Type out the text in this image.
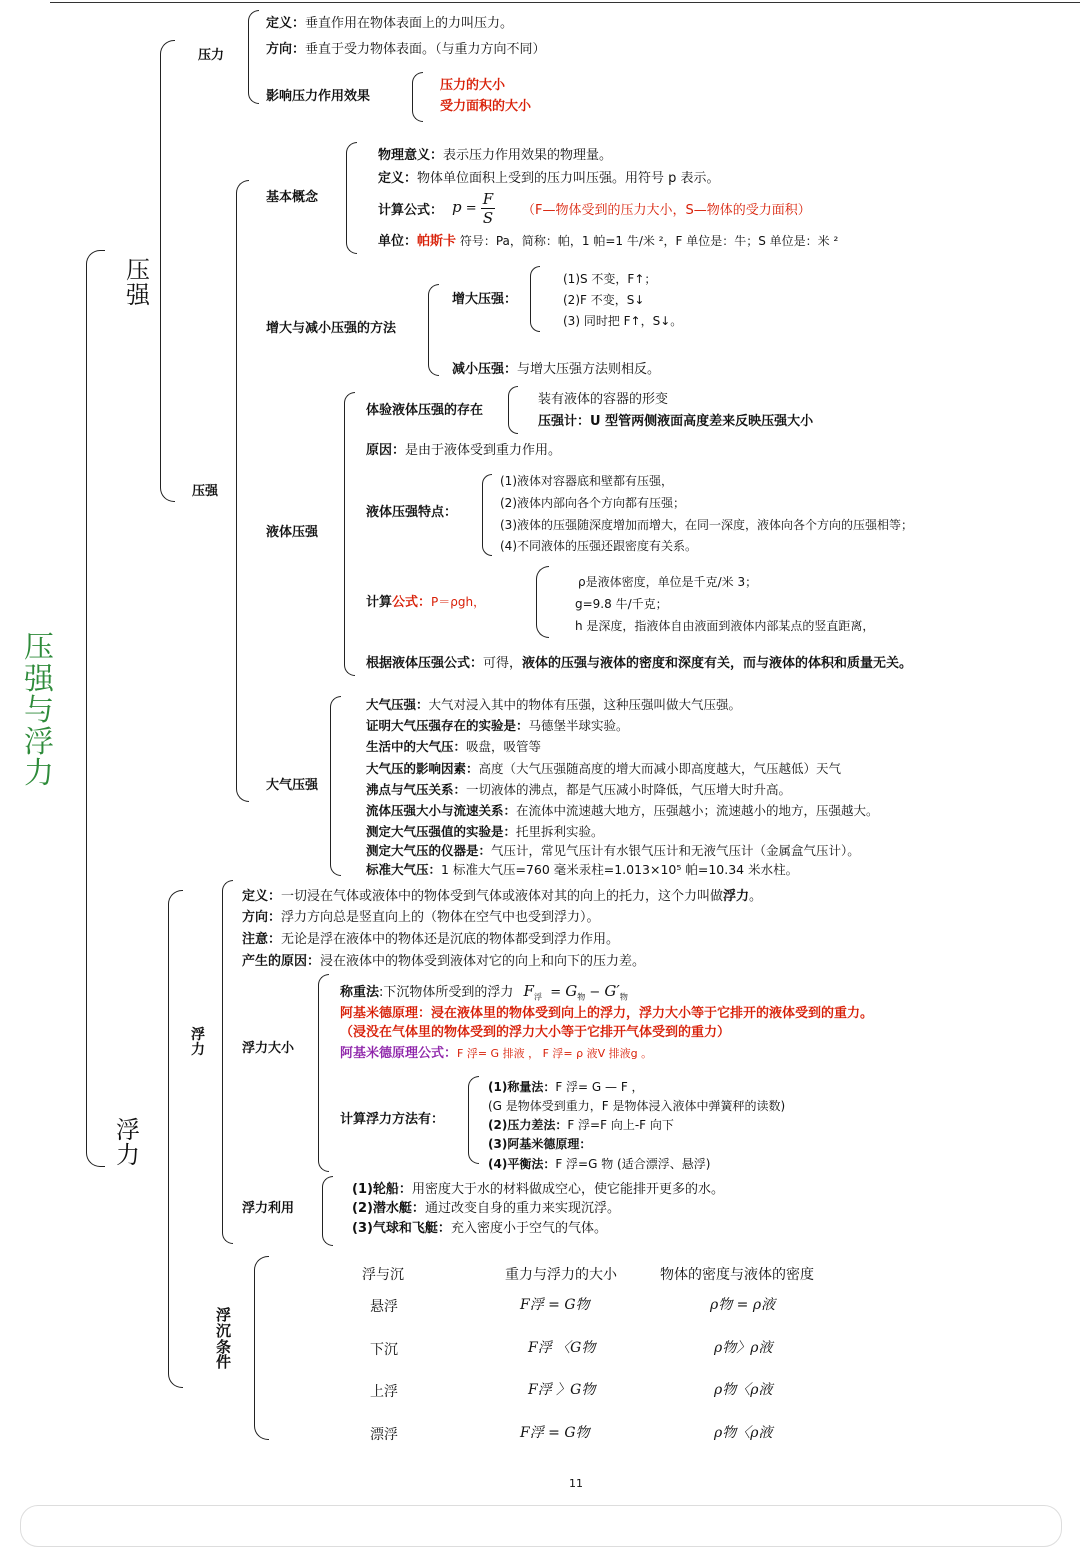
压
强
与
浮
力
压
强
压力
定义：垂直作用在物体表面上的力叫压力。
方向：垂直于受力物体表面。（与重力方向不同）
影响压力作用效果
压力的大小
受力面积的大小
压强
基本概念
物理意义：表示压力作用效果的物理量。
定义：物体单位面积上受到的压力叫压强。用符号 p 表示。
计算公式： $p = \frac{F}{S}$ （F—物体受到的压力大小，S—物体的受力面积）
单位：帕斯卡 符号：Pa，简称：帕，1 帕=1 牛/米 ²，F 单位是：牛；S 单位是：米 ²
增大与减小压强的方法
增大压强：
(1)S 不变，F↑；
(2)F 不变，S↓
(3) 同时把 F↑，S↓。
减小压强：与增大压强方法则相反。
液体压强
体验液体压强的存在
装有液体的容器的形变
压强计：U 型管两侧液面高度差来反映压强大小
原因：是由于液体受到重力作用。
液体压强特点：
(1)液体对容器底和壁都有压强，
(2)液体内部向各个方向都有压强；
(3)液体的压强随深度增加而增大，在同一深度，液体向各个方向的压强相等；
(4)不同液体的压强还跟密度有关系。
计算公式：P＝ρgh，
ρ是液体密度，单位是千克/米 3；
g=9.8 牛/千克；
h 是深度，指液体自由液面到液体内部某点的竖直距离，
根据液体压强公式：可得，液体的压强与液体的密度和深度有关，而与液体的体积和质量无关。
大气压强
大气压强：大气对浸入其中的物体有压强，这种压强叫做大气压强。
证明大气压强存在的实验是：马德堡半球实验。
生活中的大气压：吸盘，吸管等
大气压的影响因素：高度（大气压强随高度的增大而减小即高度越大，气压越低）天气
沸点与气压关系：一切液体的沸点，都是气压减小时降低，气压增大时升高。
流体压强大小与流速关系：在流体中流速越大地方，压强越小；流速越小的地方，压强越大。
测定大气压强值的实验是：托里拆利实验。
测定大气压的仪器是：气压计，常见气压计有水银气压计和无液气压计（金属盒气压计）。
标准大气压：1 标准大气压=760 毫米汞柱=1.013×10⁵ 帕=10.34 米水柱。
浮
力
浮
力
定义：一切浸在气体或液体中的物体受到气体或液体对其的向上的托力，这个力叫做浮力。
方向：浮力方向总是竖直向上的（物体在空气中也受到浮力）。
注意：无论是浮在液体中的物体还是沉底的物体都受到浮力作用。
产生的原因：浸在液体中的物体受到液体对它的向上和向下的压力差。
浮力大小
称重法:下沉物体所受到的浮力 $F_浮 = G_物 - G'_物$
阿基米德原理：浸在液体里的物体受到向上的浮力，浮力大小等于它排开的液体受到的重力。
（浸没在气体里的物体受到的浮力大小等于它排开气体受到的重力）
阿基米德原理公式：F 浮= G 排液 ， F 浮= ρ 液V 排液g 。
计算浮力方法有：
(1)称量法：F 浮= G — F ，
(G 是物体受到重力，F 是物体浸入液体中弹簧秤的读数)
(2)压力差法：F 浮=F 向上-F 向下
(3)阿基米德原理：
(4)平衡法：F 浮=G 物 (适合漂浮、悬浮)
浮力利用
(1)轮船：用密度大于水的材料做成空心，使它能排开更多的水。
(2)潜水艇：通过改变自身的重力来实现沉浮。
(3)气球和飞艇：充入密度小于空气的气体。
浮
沉
条
件
浮与沉	重力与浮力的大小	物体的密度与液体的密度
悬浮	F浮 = G物	ρ物 = ρ液
下沉	F浮 〈G物	ρ物〉ρ液
上浮	F浮 〉G物	ρ物〈ρ液
漂浮	F浮 = G物	ρ物〈ρ液
11
